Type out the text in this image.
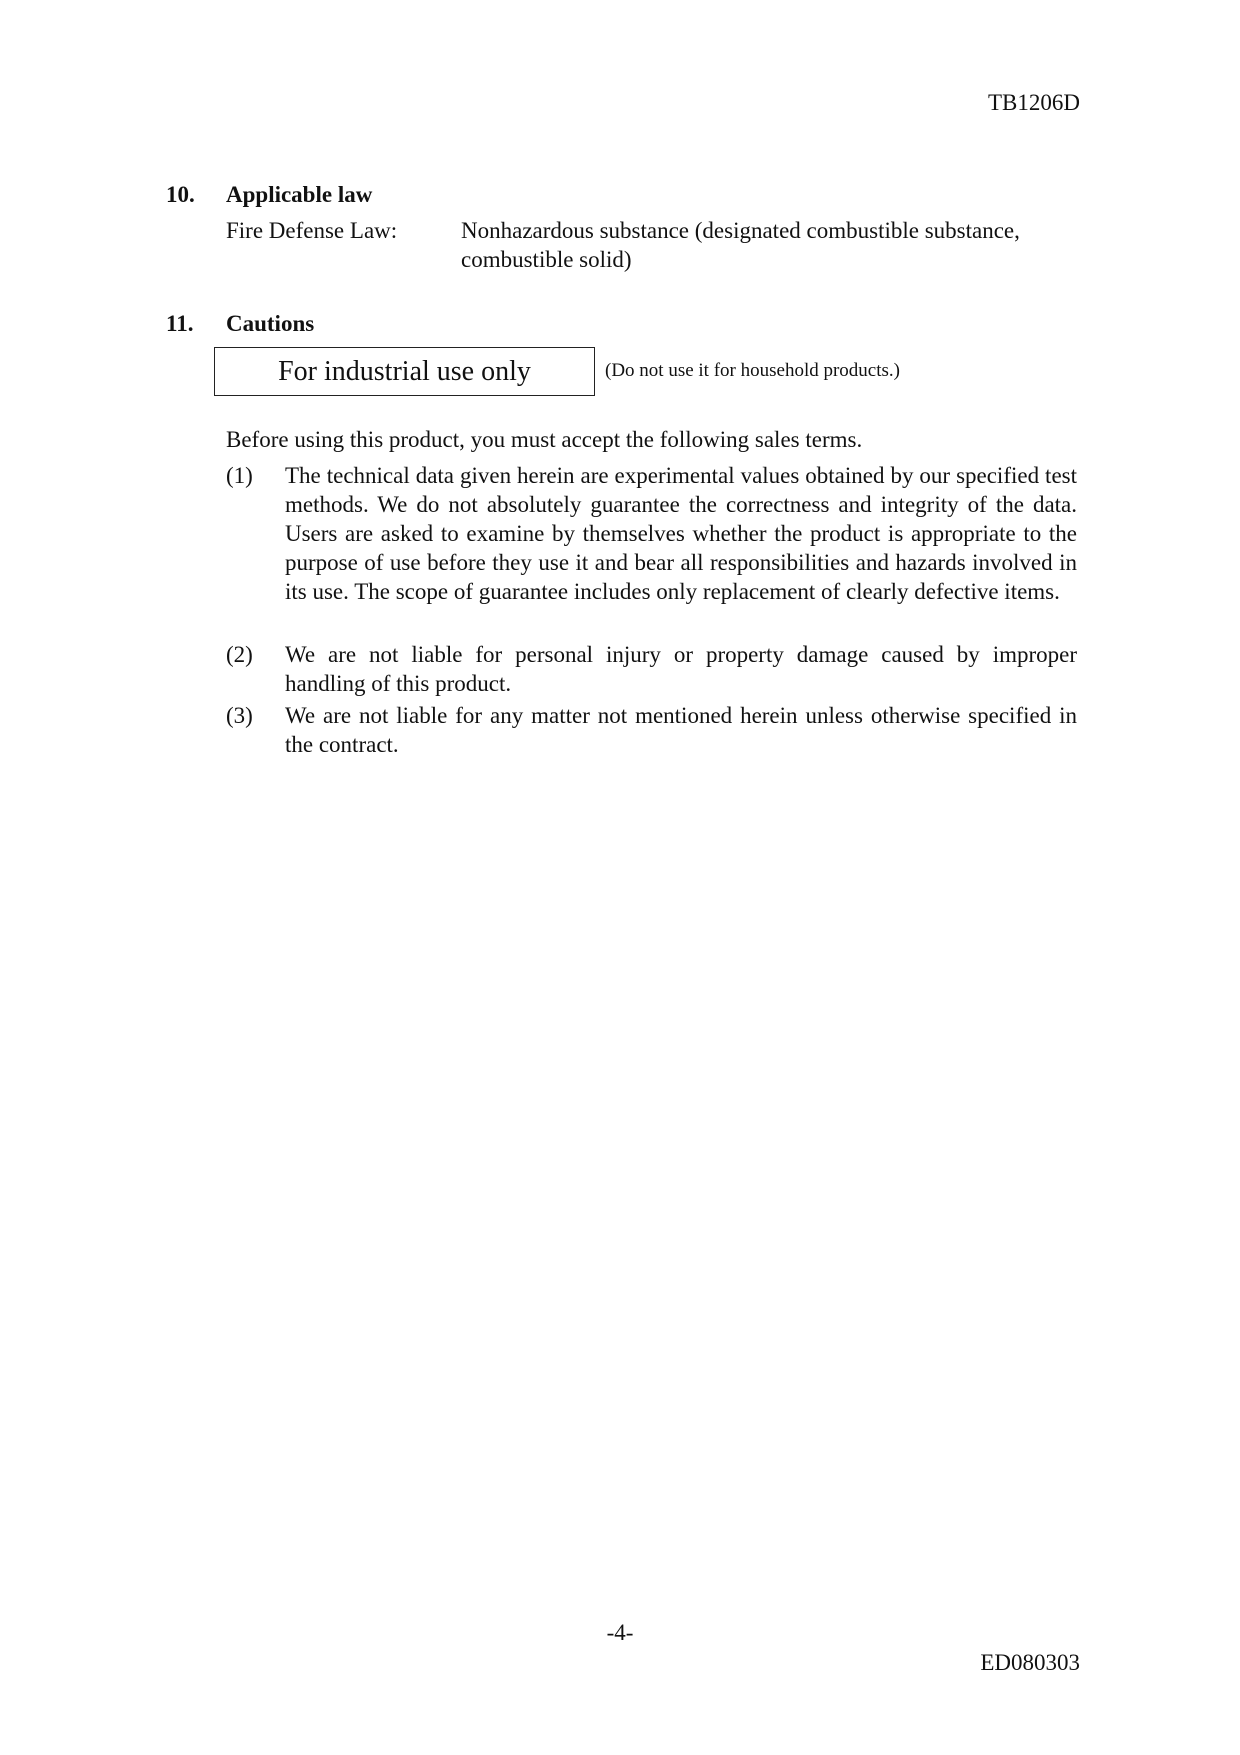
TB1206D
10. Applicable law
Fire Defense Law:	Nonhazardous substance (designated combustible substance, combustible solid)
11. Cautions
For industrial use only	(Do not use it for household products.)
Before using this product, you must accept the following sales terms.
(1) The technical data given herein are experimental values obtained by our specified test methods. We do not absolutely guarantee the correctness and integrity of the data. Users are asked to examine by themselves whether the product is appropriate to the purpose of use before they use it and bear all responsibilities and hazards involved in its use. The scope of guarantee includes only replacement of clearly defective items.
(2) We are not liable for personal injury or property damage caused by improper handling of this product.
(3) We are not liable for any matter not mentioned herein unless otherwise specified in the contract.
-4-
ED080303
